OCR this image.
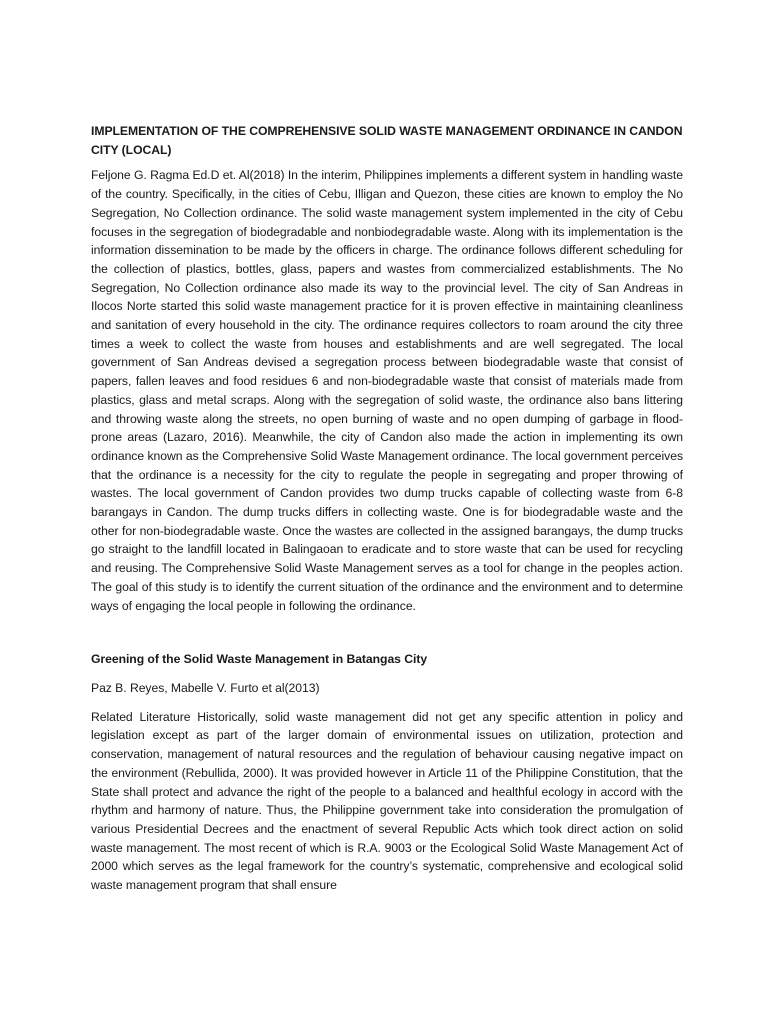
IMPLEMENTATION OF THE COMPREHENSIVE SOLID WASTE MANAGEMENT ORDINANCE IN CANDON CITY (LOCAL)

Feljone G. Ragma Ed.D et. Al(2018) In the interim, Philippines implements a different system in handling waste of the country. Specifically, in the cities of Cebu, Illigan and Quezon, these cities are known to employ the No Segregation, No Collection ordinance. The solid waste management system implemented in the city of Cebu focuses in the segregation of biodegradable and nonbiodegradable waste. Along with its implementation is the information dissemination to be made by the officers in charge. The ordinance follows different scheduling for the collection of plastics, bottles, glass, papers and wastes from commercialized establishments. The No Segregation, No Collection ordinance also made its way to the provincial level. The city of San Andreas in Ilocos Norte started this solid waste management practice for it is proven effective in maintaining cleanliness and sanitation of every household in the city. The ordinance requires collectors to roam around the city three times a week to collect the waste from houses and establishments and are well segregated. The local government of San Andreas devised a segregation process between biodegradable waste that consist of papers, fallen leaves and food residues 6 and non-biodegradable waste that consist of materials made from plastics, glass and metal scraps. Along with the segregation of solid waste, the ordinance also bans littering and throwing waste along the streets, no open burning of waste and no open dumping of garbage in flood-prone areas (Lazaro, 2016). Meanwhile, the city of Candon also made the action in implementing its own ordinance known as the Comprehensive Solid Waste Management ordinance. The local government perceives that the ordinance is a necessity for the city to regulate the people in segregating and proper throwing of wastes. The local government of Candon provides two dump trucks capable of collecting waste from 6-8 barangays in Candon. The dump trucks differs in collecting waste. One is for biodegradable waste and the other for non-biodegradable waste. Once the wastes are collected in the assigned barangays, the dump trucks go straight to the landfill located in Balingaoan to eradicate and to store waste that can be used for recycling and reusing. The Comprehensive Solid Waste Management serves as a tool for change in the peoples action. The goal of this study is to identify the current situation of the ordinance and the environment and to determine ways of engaging the local people in following the ordinance.

Greening of the Solid Waste Management in Batangas City

Paz B. Reyes, Mabelle V. Furto et al(2013)

Related Literature Historically, solid waste management did not get any specific attention in policy and legislation except as part of the larger domain of environmental issues on utilization, protection and conservation, management of natural resources and the regulation of behaviour causing negative impact on the environment (Rebullida, 2000). It was provided however in Article 11 of the Philippine Constitution, that the State shall protect and advance the right of the people to a balanced and healthful ecology in accord with the rhythm and harmony of nature. Thus, the Philippine government take into consideration the promulgation of various Presidential Decrees and the enactment of several Republic Acts which took direct action on solid waste management. The most recent of which is R.A. 9003 or the Ecological Solid Waste Management Act of 2000 which serves as the legal framework for the country’s systematic, comprehensive and ecological solid waste management program that shall ensure
